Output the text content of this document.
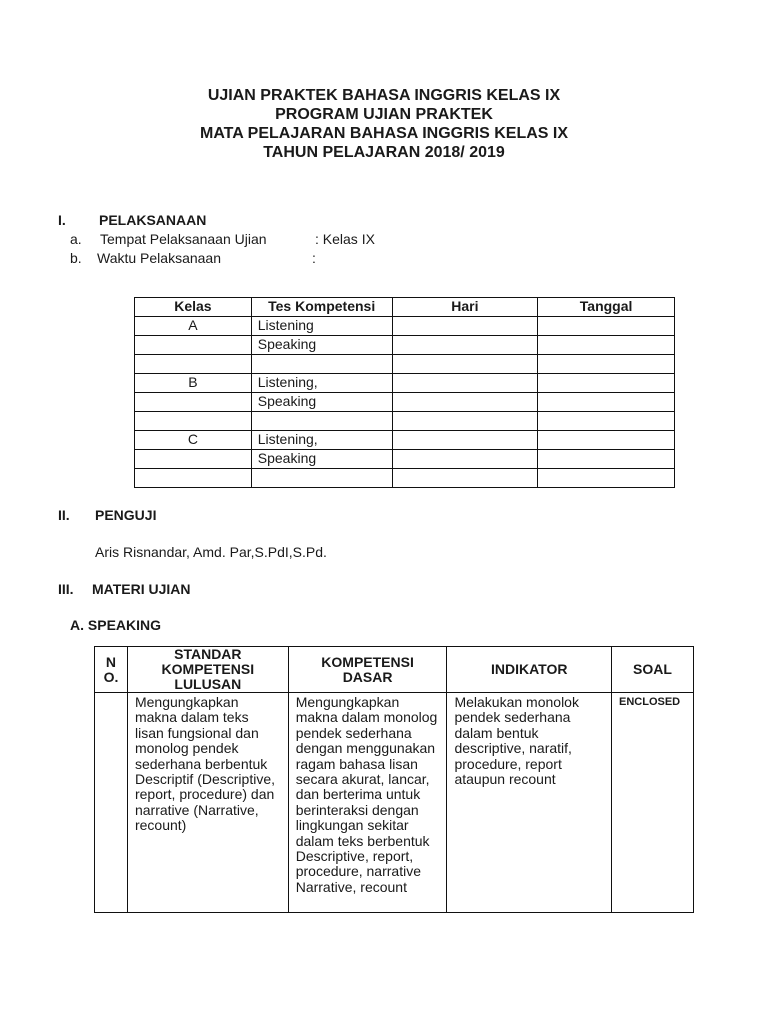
UJIAN PRAKTEK BAHASA INGGRIS KELAS IX
PROGRAM UJIAN PRAKTEK
MATA PELAJARAN BAHASA INGGRIS KELAS IX
TAHUN PELAJARAN 2018/ 2019
I. PELAKSANAAN
a. Tempat Pelaksanaan Ujian	: Kelas IX
b. Waktu Pelaksanaan	:
Kelas	Tes Kompetensi	Hari	Tanggal
A	Listening		
	Speaking		

B	Listening,		
	Speaking		

C	Listening,		
	Speaking		

II. PENGUJI
Aris Risnandar, Amd. Par,S.PdI,S.Pd.
III. MATERI UJIAN
A. SPEAKING
N O.	STANDAR KOMPETENSI LULUSAN	KOMPETENSI DASAR	INDIKATOR	SOAL
	Mengungkapkan makna dalam teks lisan fungsional dan monolog pendek sederhana berbentuk Descriptif (Descriptive, report, procedure) dan narrative (Narrative, recount)	Mengungkapkan makna dalam monolog pendek sederhana dengan menggunakan ragam bahasa lisan secara akurat, lancar, dan berterima untuk berinteraksi dengan lingkungan sekitar dalam teks berbentuk Descriptive, report, procedure, narrative Narrative, recount	Melakukan monolok pendek sederhana dalam bentuk descriptive, naratif, procedure, report ataupun recount	ENCLOSED
